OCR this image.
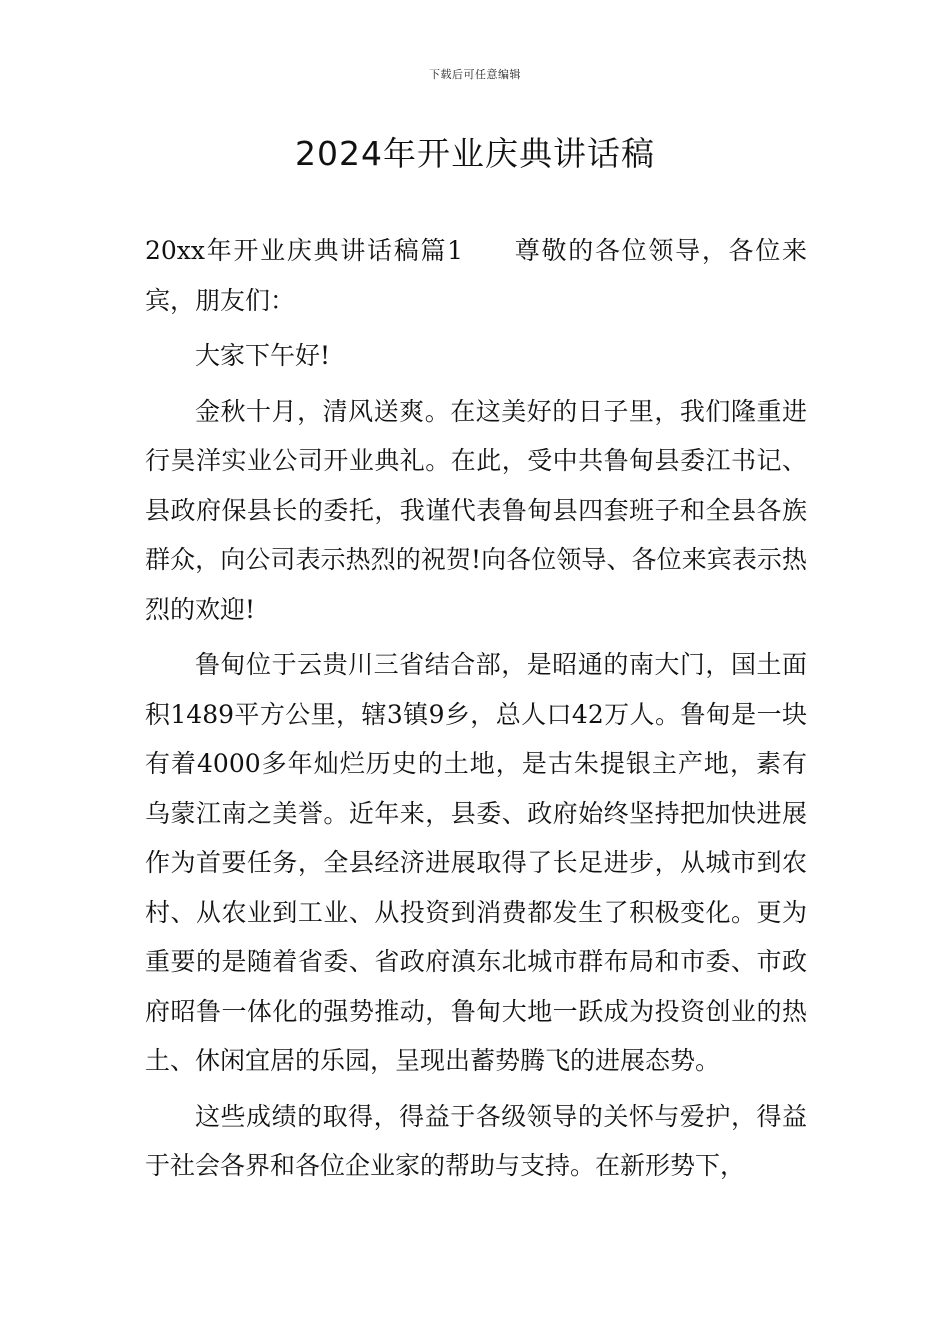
下载后可任意编辑
2024年开业庆典讲话稿

20xx年开业庆典讲话稿篇1 尊敬的各位领导，各位来宾，朋友们：

大家下午好!

金秋十月，清风送爽。在这美好的日子里，我们隆重进行昊洋实业公司开业典礼。在此，受中共鲁甸县委江书记、县政府保县长的委托，我谨代表鲁甸县四套班子和全县各族群众，向公司表示热烈的祝贺!向各位领导、各位来宾表示热烈的欢迎!

鲁甸位于云贵川三省结合部，是昭通的南大门，国土面积1489平方公里，辖3镇9乡，总人口42万人。鲁甸是一块有着4000多年灿烂历史的土地，是古朱提银主产地，素有乌蒙江南之美誉。近年来，县委、政府始终坚持把加快进展作为首要任务，全县经济进展取得了长足进步，从城市到农村、从农业到工业、从投资到消费都发生了积极变化。更为重要的是随着省委、省政府滇东北城市群布局和市委、市政府昭鲁一体化的强势推动，鲁甸大地一跃成为投资创业的热土、休闲宜居的乐园，呈现出蓄势腾飞的进展态势。

这些成绩的取得，得益于各级领导的关怀与爱护，得益于社会各界和各位企业家的帮助与支持。在新形势下，
